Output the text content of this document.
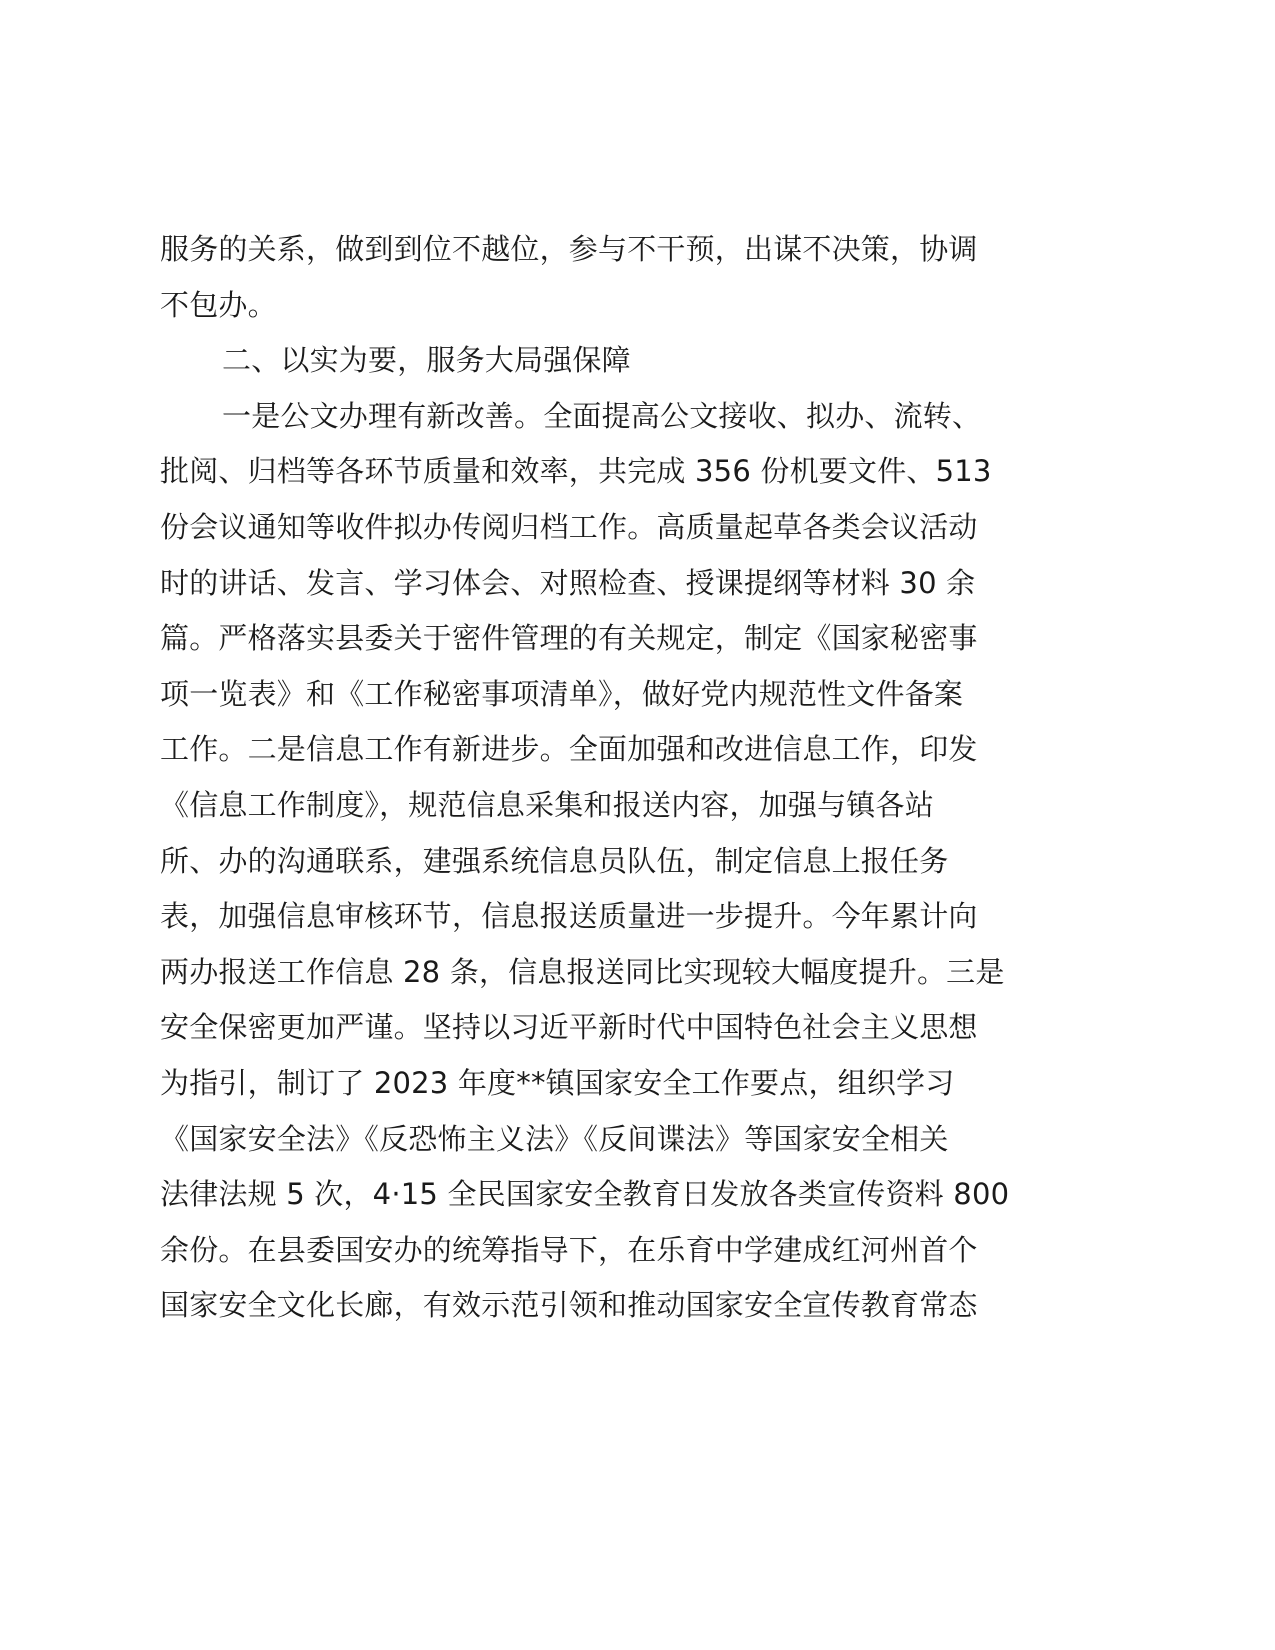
服务的关系，做到到位不越位，参与不干预，出谋不决策，协调
不包办。
二、以实为要，服务大局强保障
一是公文办理有新改善。全面提高公文接收、拟办、流转、
批阅、归档等各环节质量和效率，共完成 356 份机要文件、513
份会议通知等收件拟办传阅归档工作。高质量起草各类会议活动
时的讲话、发言、学习体会、对照检查、授课提纲等材料 30 余
篇。严格落实县委关于密件管理的有关规定，制定《国家秘密事
项一览表》和《工作秘密事项清单》，做好党内规范性文件备案
工作。二是信息工作有新进步。全面加强和改进信息工作，印发
《信息工作制度》，规范信息采集和报送内容，加强与镇各站
所、办的沟通联系，建强系统信息员队伍，制定信息上报任务
表，加强信息审核环节，信息报送质量进一步提升。今年累计向
两办报送工作信息 28 条，信息报送同比实现较大幅度提升。三是
安全保密更加严谨。坚持以习近平新时代中国特色社会主义思想
为指引，制订了 2023 年度**镇国家安全工作要点，组织学习
《国家安全法》《反恐怖主义法》《反间谍法》等国家安全相关
法律法规 5 次，4·15 全民国家安全教育日发放各类宣传资料 800
余份。在县委国安办的统筹指导下，在乐育中学建成红河州首个
国家安全文化长廊，有效示范引领和推动国家安全宣传教育常态
